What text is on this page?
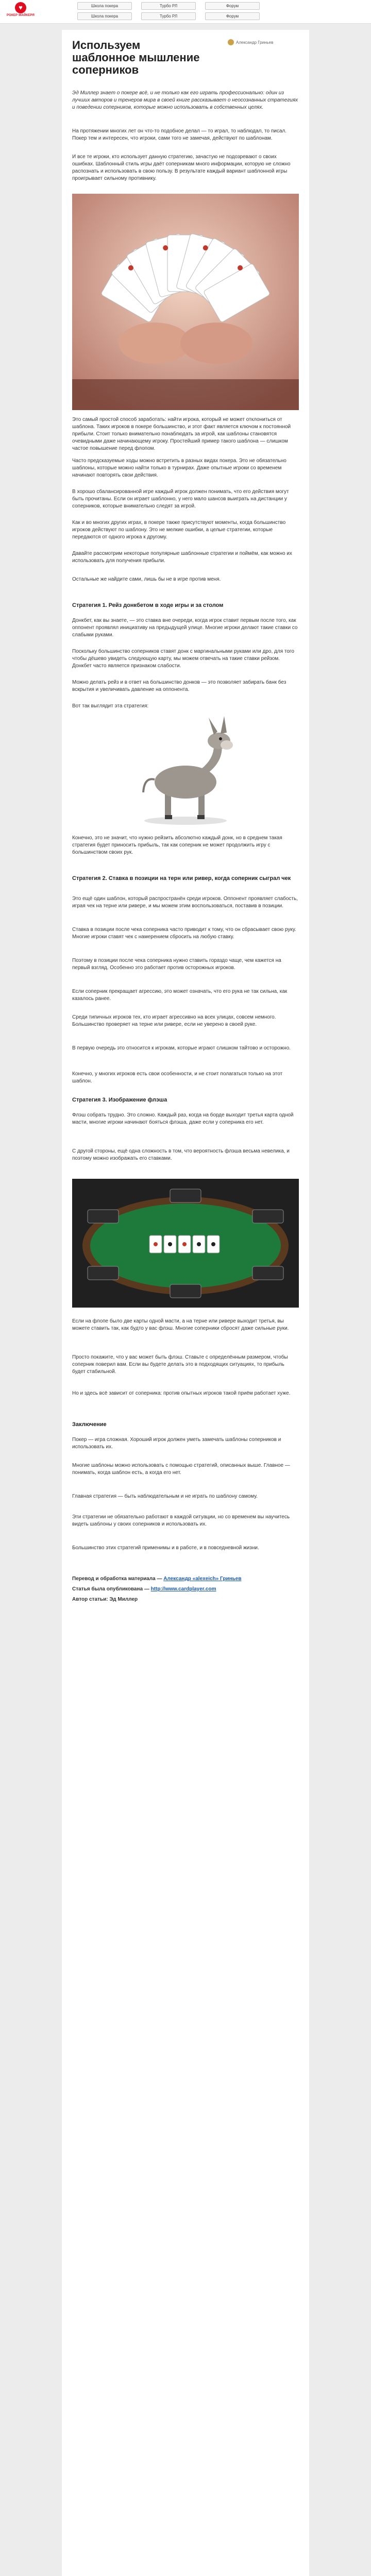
♥
РОКЕР МАЙКЕРЯ
Школа покера	Турбо РЛ	Форум
Школа покера	Турбо РЛ	Форум
Используем шаблонное мышление соперников
Александр Гриньев
Эд Миллер знает о покере всё, и не только как его играть профессионально: один из лучших авторов и тренеров мира в своей книге рассказывает о неосознанных стратегиях и поведении соперников, которые можно использовать в собственных целях.
На протяжении многих лет он что-то подобное делал — то играл, то наблюдал, то писал. Покер тем и интересен, что игроки, сами того не замечая, действуют по шаблонам.
И все те игроки, кто использует данную стратегию, зачастую не подозревают о своих ошибках. Шаблонный стиль игры даёт соперникам много информации, которую не сложно распознать и использовать в свою пользу. В результате каждый вариант шаблонной игры проигрывает сильному противнику.
Это самый простой способ заработать: найти игрока, который не может отклониться от шаблона. Таких игроков в покере большинство, и этот факт является ключом к постоянной прибыли. Стоит только внимательно понаблюдать за игрой, как шаблоны становятся очевидными даже начинающему игроку. Простейший пример такого шаблона — слишком частое повышение перед флопом.
Часто предсказуемые ходы можно встретить в разных видах покера. Это не обязательно шаблоны, которые можно найти только в турнирах. Даже опытные игроки со временем начинают повторять свои действия.
В хорошо сбалансированной игре каждый игрок должен понимать, что его действия могут быть прочитаны. Если он играет шаблонно, у него мало шансов выиграть на дистанции у соперников, которые внимательно следят за игрой.
Как и во многих других играх, в покере также присутствуют моменты, когда большинство игроков действуют по шаблону. Это не мелкие ошибки, а целые стратегии, которые передаются от одного игрока к другому.
Давайте рассмотрим некоторые популярные шаблонные стратегии и поймём, как можно их использовать для получения прибыли.
Остальные же найдите сами, лишь бы не в игре против меня.
Стратегия 1. Рейз донкбетом в ходе игры и за столом
Донкбет, как вы знаете, — это ставка вне очереди, когда игрок ставит первым после того, как оппонент проявлял инициативу на предыдущей улице. Многие игроки делают такие ставки со слабыми руками.
Поскольку большинство соперников ставят донк с маргинальными руками или дро, для того чтобы дёшево увидеть следующую карту, мы можем отвечать на такие ставки рейзом. Донкбет часто является признаком слабости.
Можно делать рейз и в ответ на большинство донков — это позволяет забирать банк без вскрытия и увеличивать давление на оппонента.
Вот так выглядит эта стратегия:
Конечно, это не значит, что нужно рейзить абсолютно каждый донк, но в среднем такая стратегия будет приносить прибыль, так как соперник не может продолжить игру с большинством своих рук.
Стратегия 2. Ставка в позиции на терн или ривер, когда соперник сыграл чек
Это ещё один шаблон, который распространён среди игроков. Оппонент проявляет слабость, играя чек на терне или ривере, и мы можем этим воспользоваться, поставив в позиции.
Ставка в позиции после чека соперника часто приводит к тому, что он сбрасывает свою руку. Многие игроки ставят чек с намерением сбросить на любую ставку.
Поэтому в позиции после чека соперника нужно ставить гораздо чаще, чем кажется на первый взгляд. Особенно это работает против осторожных игроков.
Если соперник прекращает агрессию, это может означать, что его рука не так сильна, как казалось ранее.
Среди типичных игроков тех, кто играет агрессивно на всех улицах, совсем немного. Большинство проверяет на терне или ривере, если не уверено в своей руке.
В первую очередь это относится к игрокам, которые играют слишком тайтово и осторожно.
Конечно, у многих игроков есть свои особенности, и не стоит полагаться только на этот шаблон.
Стратегия 3. Изображение флэша
Флэш собрать трудно. Это сложно. Каждый раз, когда на борде выходит третья карта одной масти, многие игроки начинают бояться флэша, даже если у соперника его нет.
С другой стороны, ещё одна сложность в том, что вероятность флэша весьма невелика, и поэтому можно изображать его ставками.
Если на флопе было две карты одной масти, а на терне или ривере выходит третья, вы можете ставить так, как будто у вас флэш. Многие соперники сбросят даже сильные руки.
Просто покажите, что у вас может быть флэш. Ставьте с определённым размером, чтобы соперник поверил вам. Если вы будете делать это в подходящих ситуациях, то прибыль будет стабильной.
Но и здесь всё зависит от соперника: против опытных игроков такой приём работает хуже.
Заключение
Покер — игра сложная. Хороший игрок должен уметь замечать шаблоны соперников и использовать их.
Многие шаблоны можно использовать с помощью стратегий, описанных выше. Главное — понимать, когда шаблон есть, а когда его нет.
Главная стратегия — быть наблюдательным и не играть по шаблону самому.
Эти стратегии не обязательно работают в каждой ситуации, но со временем вы научитесь видеть шаблоны у своих соперников и использовать их.
Большинство этих стратегий применимы и в работе, и в повседневной жизни.
Перевод и обработка материала — Александр «alexeich» Гриньев
Статья была опубликована — http://www.cardplayer.com
Автор статьи: Эд Миллер
